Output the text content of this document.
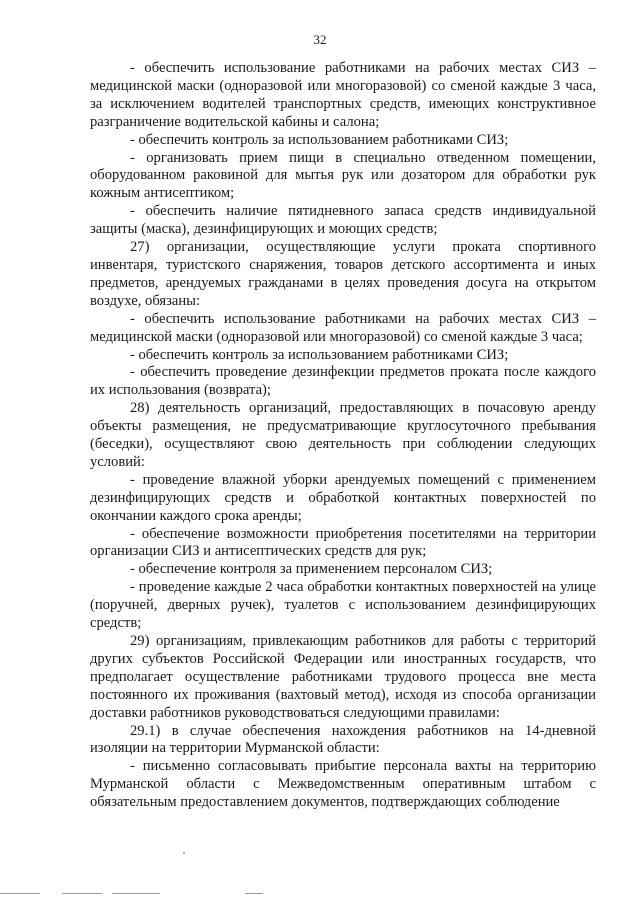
32

- обеспечить использование работниками на рабочих местах СИЗ – медицинской маски (одноразовой или многоразовой) со сменой каждые 3 часа, за исключением водителей транспортных средств, имеющих конструктивное разграничение водительской кабины и салона;

- обеспечить контроль за использованием работниками СИЗ;

- организовать прием пищи в специально отведенном помещении, оборудованном раковиной для мытья рук или дозатором для обработки рук кожным антисептиком;

- обеспечить наличие пятидневного запаса средств индивидуальной защиты (маска), дезинфицирующих и моющих средств;

27) организации, осуществляющие услуги проката спортивного инвентаря, туристского снаряжения, товаров детского ассортимента и иных предметов, арендуемых гражданами в целях проведения досуга на открытом воздухе, обязаны:

- обеспечить использование работниками на рабочих местах СИЗ – медицинской маски (одноразовой или многоразовой) со сменой каждые 3 часа;

- обеспечить контроль за использованием работниками СИЗ;

- обеспечить проведение дезинфекции предметов проката после каждого их использования (возврата);

28) деятельность организаций, предоставляющих в почасовую аренду объекты размещения, не предусматривающие круглосуточного пребывания (беседки), осуществляют свою деятельность при соблюдении следующих условий:

- проведение влажной уборки арендуемых помещений с применением дезинфицирующих средств и обработкой контактных поверхностей по окончании каждого срока аренды;

- обеспечение возможности приобретения посетителями на территории организации СИЗ и антисептических средств для рук;

- обеспечение контроля за применением персоналом СИЗ;

- проведение каждые 2 часа обработки контактных поверхностей на улице (поручней, дверных ручек), туалетов с использованием дезинфицирующих средств;

29) организациям, привлекающим работников для работы с территорий других субъектов Российской Федерации или иностранных государств, что предполагает осуществление работниками трудового процесса вне места постоянного их проживания (вахтовый метод), исходя из способа организации доставки работников руководствоваться следующими правилами:

29.1) в случае обеспечения нахождения работников на 14-дневной изоляции на территории Мурманской области:

- письменно согласовывать прибытие персонала вахты на территорию Мурманской области с Межведомственным оперативным штабом с обязательным предоставлением документов, подтверждающих соблюдение
